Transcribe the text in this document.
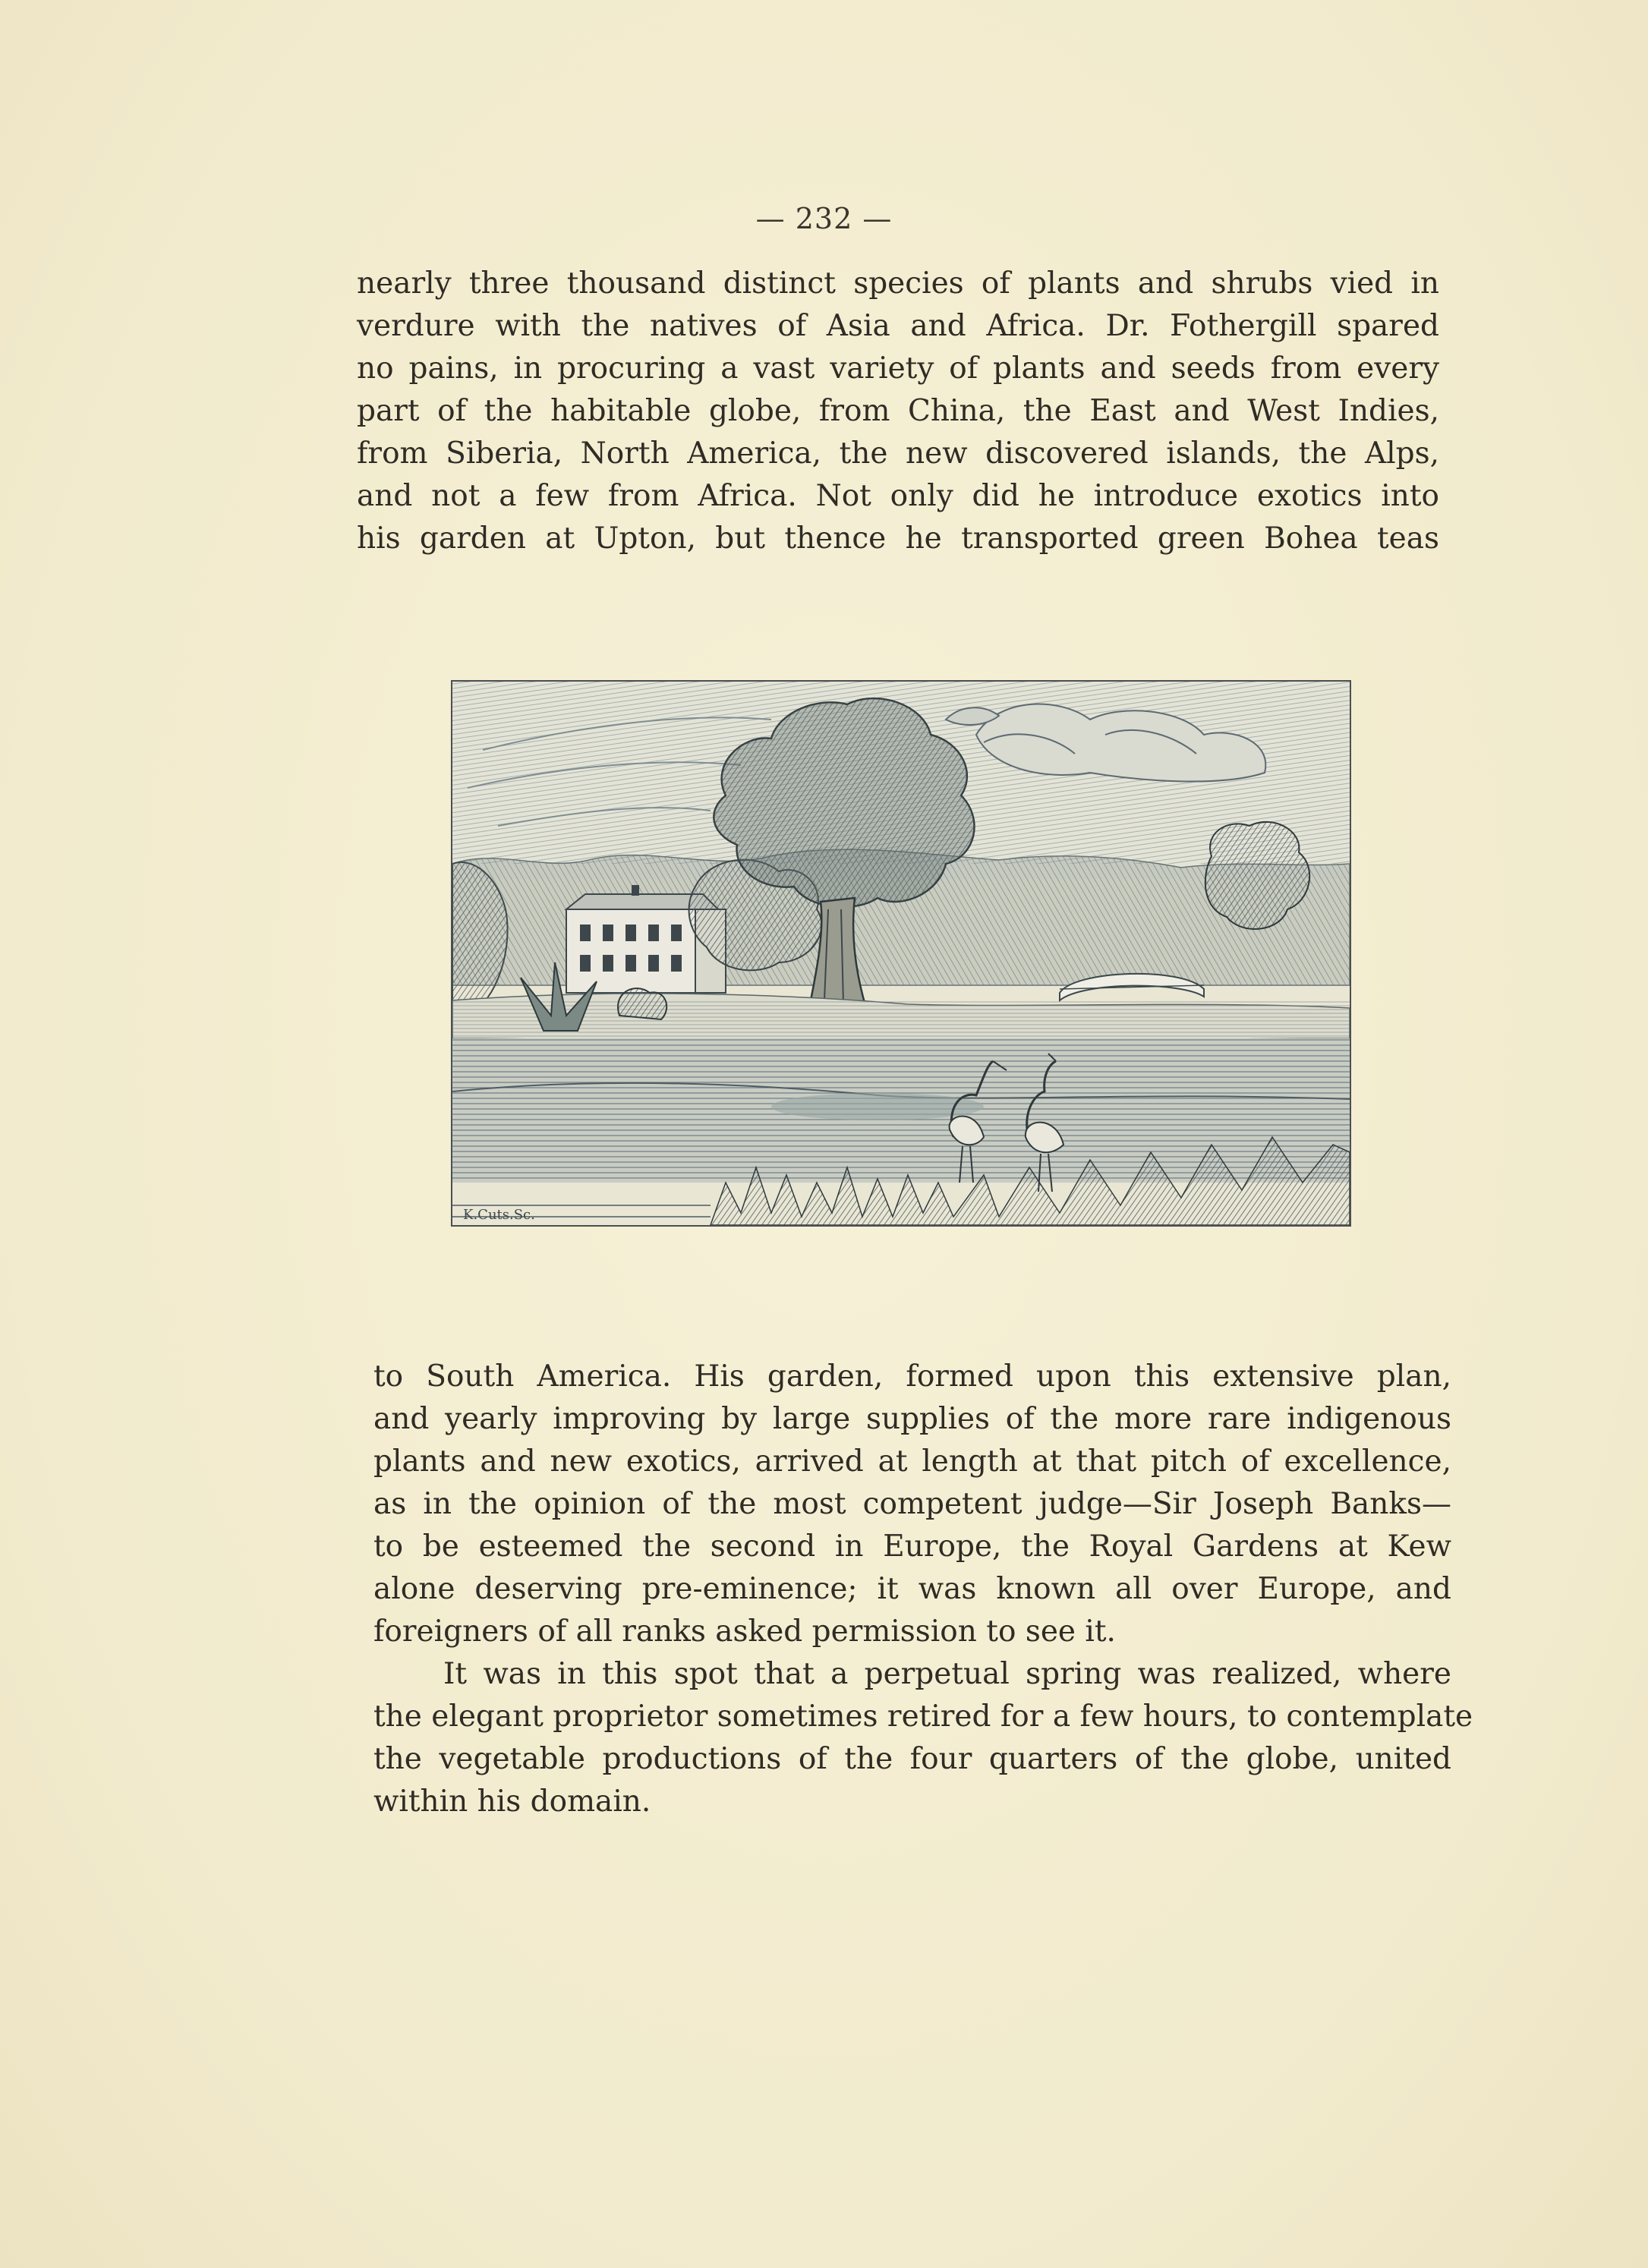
— 232 —
nearly three thousand distinct species of plants and shrubs vied in
verdure with the natives of Asia and Africa. Dr. Fothergill spared
no pains, in procuring a vast variety of plants and seeds from every
part of the habitable globe, from China, the East and West Indies,
from Siberia, North America, the new discovered islands, the Alps,
and not a few from Africa. Not only did he introduce exotics into
his garden at Upton, but thence he transported green Bohea teas
K.Cuts.Sc.
to South America. His garden, formed upon this extensive plan,
and yearly improving by large supplies of the more rare indigenous
plants and new exotics, arrived at length at that pitch of excellence,
as in the opinion of the most competent judge—Sir Joseph Banks—
to be esteemed the second in Europe, the Royal Gardens at Kew
alone deserving pre-eminence; it was known all over Europe, and
foreigners of all ranks asked permission to see it.
It was in this spot that a perpetual spring was realized, where
the elegant proprietor sometimes retired for a few hours, to contemplate
the vegetable productions of the four quarters of the globe, united
within his domain.
